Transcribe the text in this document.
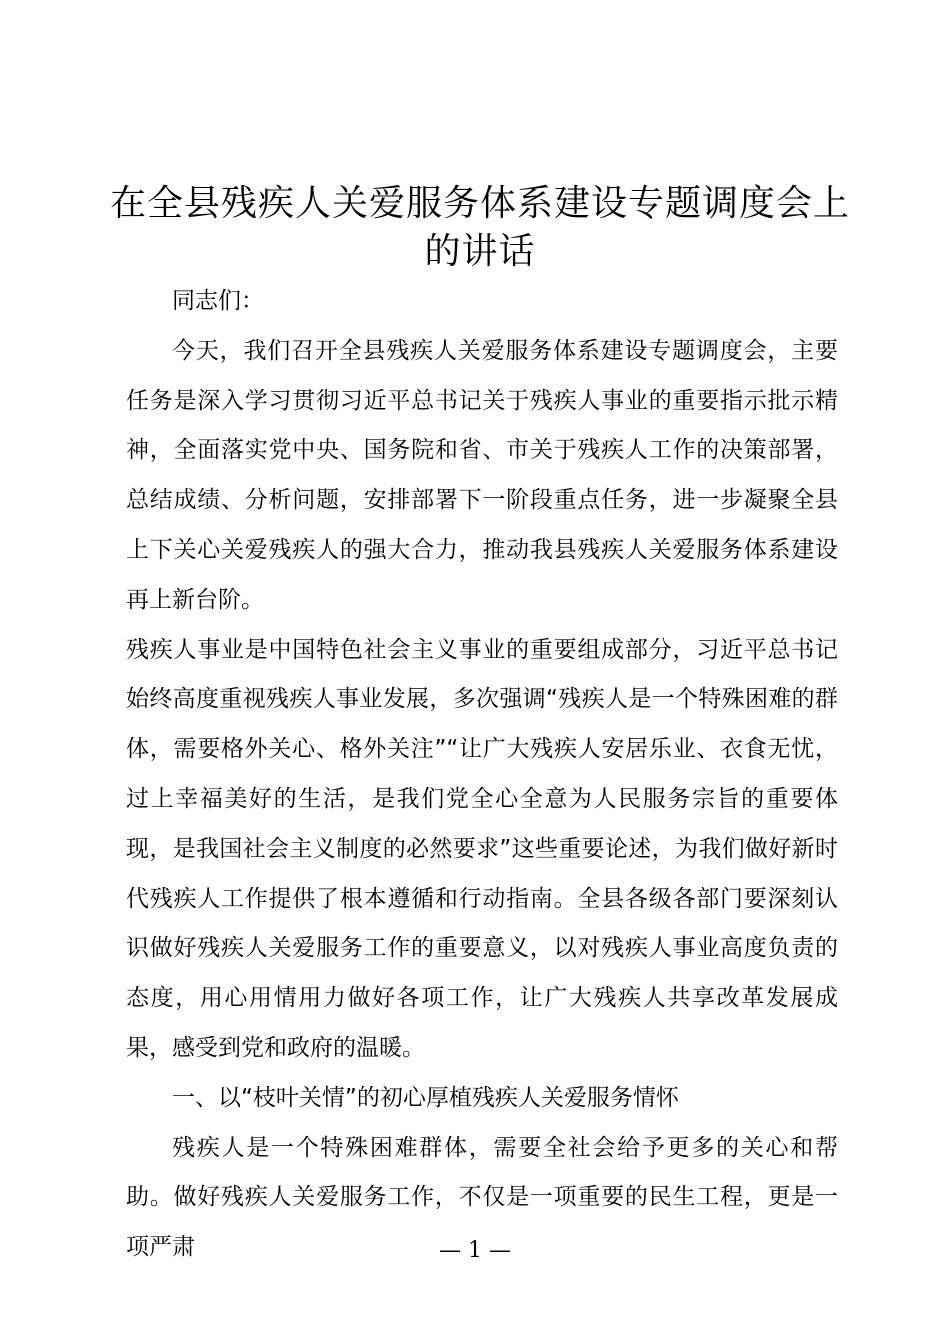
在全县残疾人关爱服务体系建设专题调度会上的讲话

同志们：

今天，我们召开全县残疾人关爱服务体系建设专题调度会，主要任务是深入学习贯彻习近平总书记关于残疾人事业的重要指示批示精神，全面落实党中央、国务院和省、市关于残疾人工作的决策部署，总结成绩、分析问题，安排部署下一阶段重点任务，进一步凝聚全县上下关心关爱残疾人的强大合力，推动我县残疾人关爱服务体系建设再上新台阶。

残疾人事业是中国特色社会主义事业的重要组成部分，习近平总书记始终高度重视残疾人事业发展，多次强调“残疾人是一个特殊困难的群体，需要格外关心、格外关注”“让广大残疾人安居乐业、衣食无忧，过上幸福美好的生活，是我们党全心全意为人民服务宗旨的重要体现，是我国社会主义制度的必然要求”这些重要论述，为我们做好新时代残疾人工作提供了根本遵循和行动指南。全县各级各部门要深刻认识做好残疾人关爱服务工作的重要意义，以对残疾人事业高度负责的态度，用心用情用力做好各项工作，让广大残疾人共享改革发展成果，感受到党和政府的温暖。

一、以“枝叶关情”的初心厚植残疾人关爱服务情怀

残疾人是一个特殊困难群体，需要全社会给予更多的关心和帮助。做好残疾人关爱服务工作，不仅是一项重要的民生工程，更是一项严肃	— 1 —
